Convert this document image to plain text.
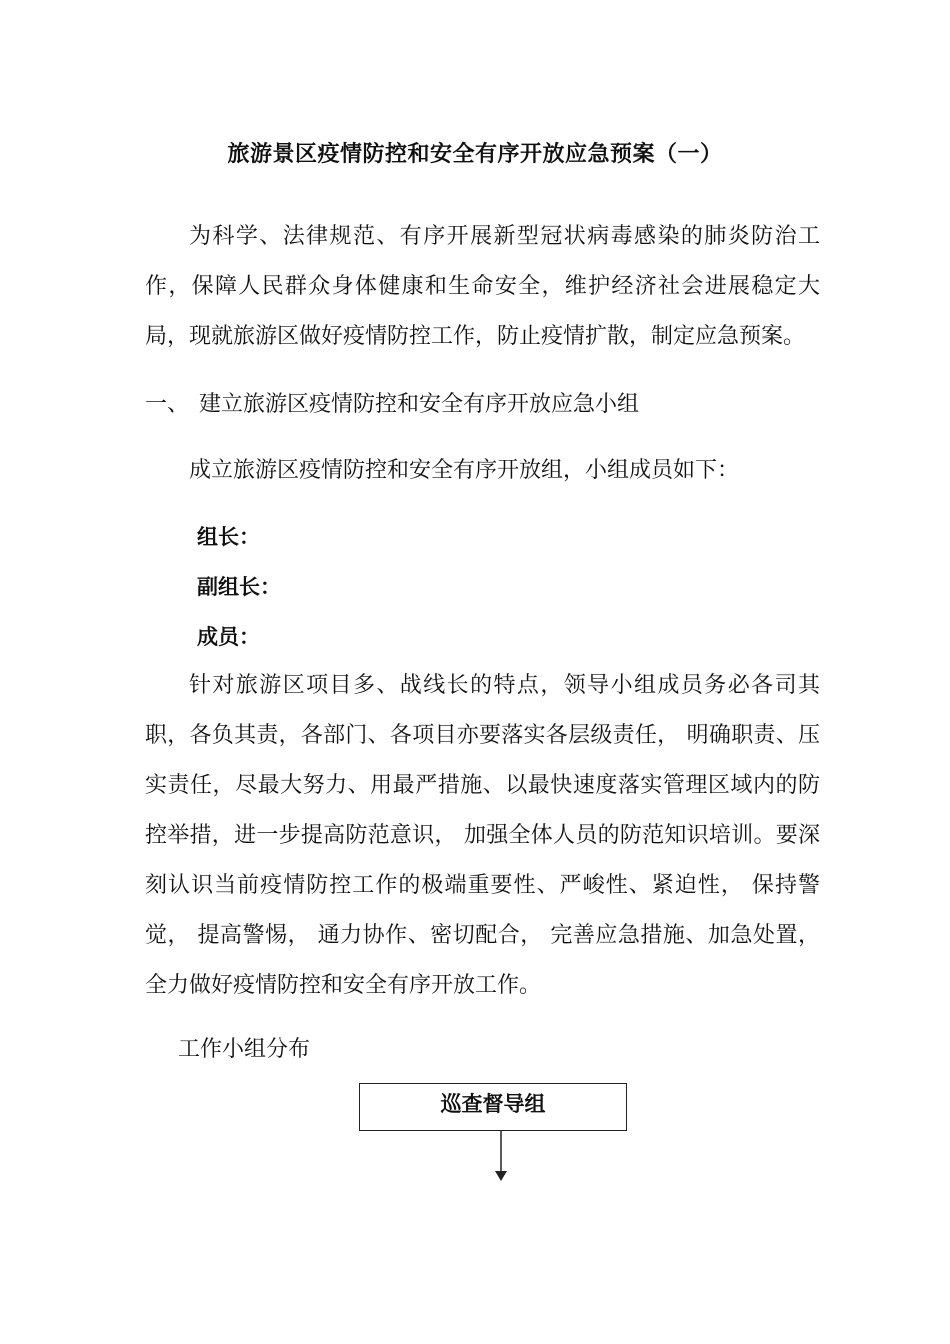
旅游景区疫情防控和安全有序开放应急预案（一）
为科学、法律规范、有序开展新型冠状病毒感染的肺炎防治工作，保障人民群众身体健康和生命安全，维护经济社会进展稳定大局，现就旅游区做好疫情防控工作，防止疫情扩散，制定应急预案。
一、 建立旅游区疫情防控和安全有序开放应急小组
成立旅游区疫情防控和安全有序开放组，小组成员如下：
组长：
副组长：
成员：
针对旅游区项目多、战线长的特点，领导小组成员务必各司其职，各负其责，各部门、各项目亦要落实各层级责任， 明确职责、压实责任，尽最大努力、用最严措施、以最快速度落实管理区域内的防控举措，进一步提高防范意识， 加强全体人员的防范知识培训。要深刻认识当前疫情防控工作的极端重要性、严峻性、紧迫性， 保持警觉， 提高警惕， 通力协作、密切配合， 完善应急措施、加急处置，全力做好疫情防控和安全有序开放工作。
工作小组分布
巡查督导组
